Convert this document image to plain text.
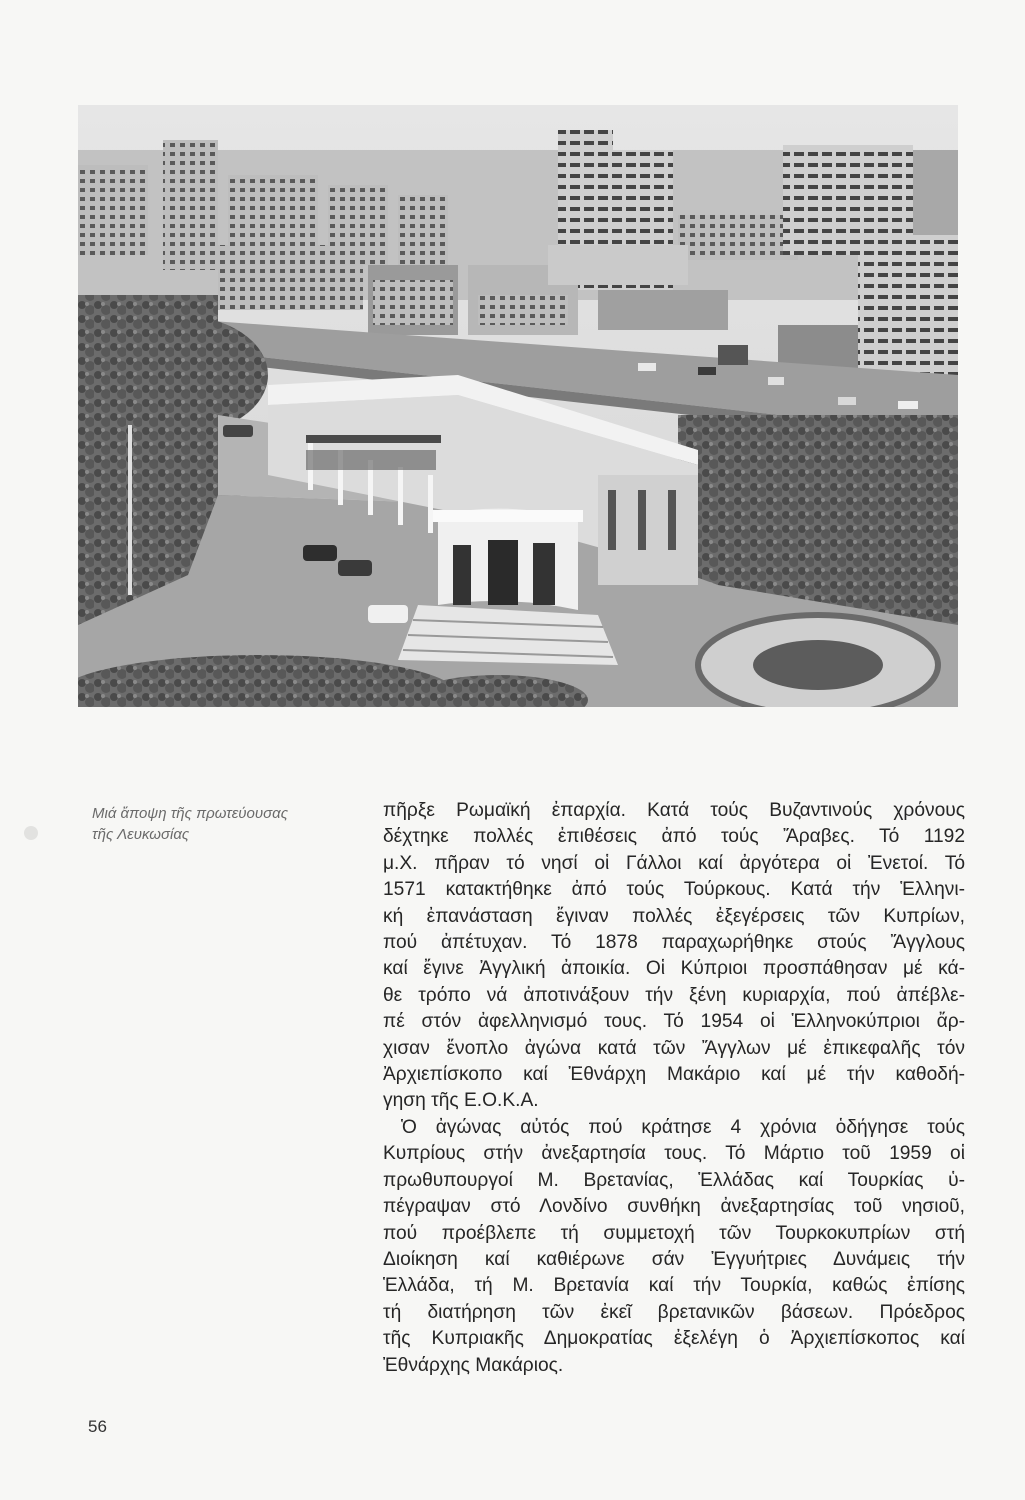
Μιά ἄποψη τῆς πρωτεύουσας
τῆς Λευκωσίας
πῆρξε Ρωμαϊκή ἐπαρχία. Κατά τούς Βυζαντινούς χρόνους
δέχτηκε πολλές ἐπιθέσεις ἀπό τούς Ἄραβες. Τό 1192
μ.Χ. πῆραν τό νησί οἱ Γάλλοι καί ἀργότερα οἱ Ἐνετοί. Τό
1571 κατακτήθηκε ἀπό τούς Τούρκους. Κατά τήν Ἑλληνι-
κή ἐπανάσταση ἔγιναν πολλές ἐξεγέρσεις τῶν Κυπρίων,
πού ἀπέτυχαν. Τό 1878 παραχωρήθηκε στούς Ἄγγλους
καί ἔγινε Ἀγγλική ἀποικία. Οἱ Κύπριοι προσπάθησαν μέ κά-
θε τρόπο νά ἀποτινάξουν τήν ξένη κυριαρχία, πού ἀπέβλε-
πέ στόν ἀφελληνισμό τους. Τό 1954 οἱ Ἑλληνοκύπριοι ἄρ-
χισαν ἔνοπλο ἀγώνα κατά τῶν Ἄγγλων μέ ἐπικεφαλῆς τόν
Ἀρχιεπίσκοπο καί Ἐθνάρχη Μακάριο καί μέ τήν καθοδή-
γηση τῆς Ε.Ο.Κ.Α.
Ὁ ἀγώνας αὐτός πού κράτησε 4 χρόνια ὁδήγησε τούς
Κυπρίους στήν ἀνεξαρτησία τους. Τό Μάρτιο τοῦ 1959 οἱ
πρωθυπουργοί Μ. Βρετανίας, Ἑλλάδας καί Τουρκίας ὑ-
πέγραψαν στό Λονδίνο συνθήκη ἀνεξαρτησίας τοῦ νησιοῦ,
πού προέβλεπε τή συμμετοχή τῶν Τουρκοκυπρίων στή
Διοίκηση καί καθιέρωνε σάν Ἐγγυήτριες Δυνάμεις τήν
Ἑλλάδα, τή Μ. Βρετανία καί τήν Τουρκία, καθώς ἐπίσης
τή διατήρηση τῶν ἐκεῖ βρετανικῶν βάσεων. Πρόεδρος
τῆς Κυπριακῆς Δημοκρατίας ἐξελέγη ὁ Ἀρχιεπίσκοπος καί
Ἐθνάρχης Μακάριος.
56
